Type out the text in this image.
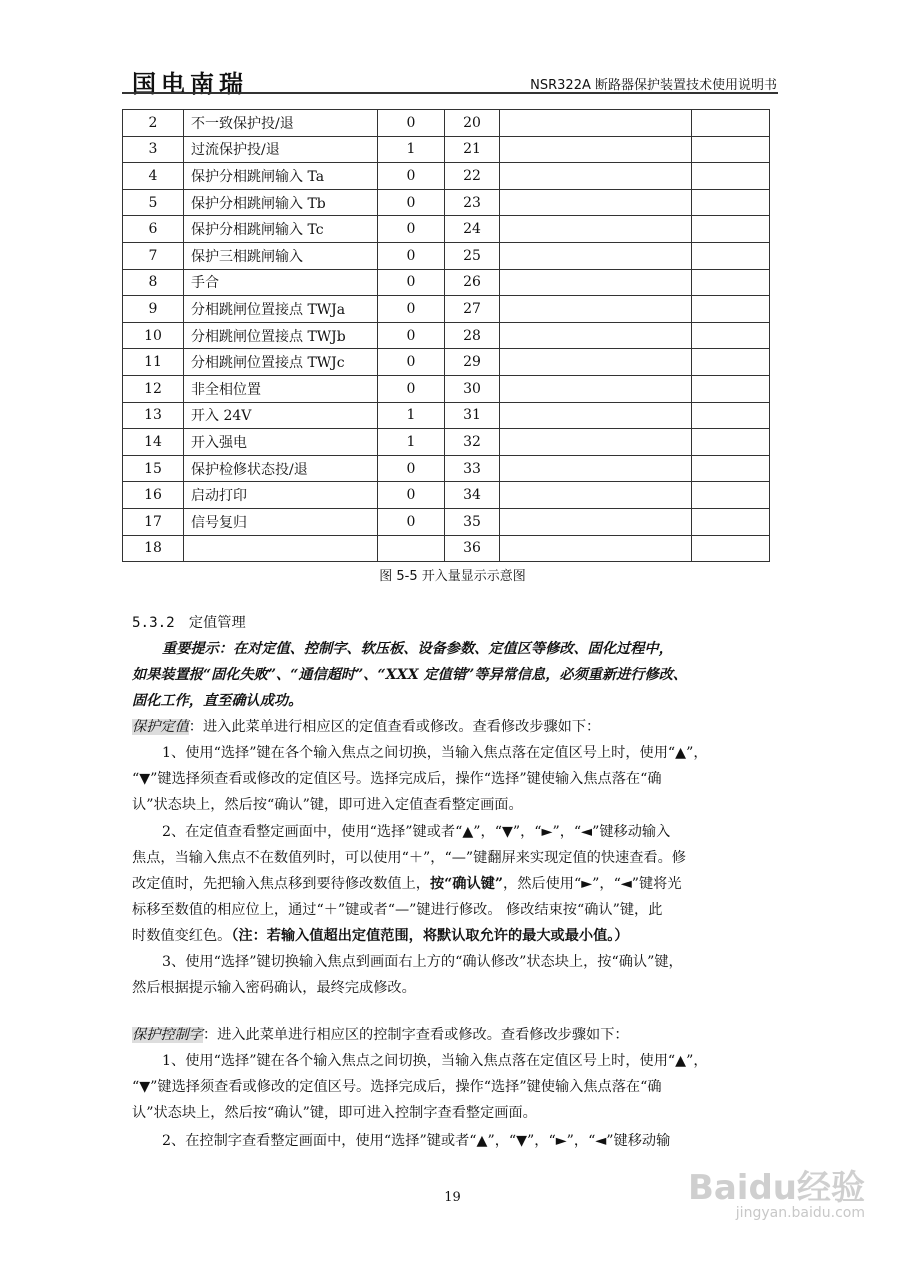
国电南瑞	NSR322A 断路器保护装置技术使用说明书
2	不一致保护投/退	0	20		
3	过流保护投/退	1	21		
4	保护分相跳闸输入 Ta	0	22		
5	保护分相跳闸输入 Tb	0	23		
6	保护分相跳闸输入 Tc	0	24		
7	保护三相跳闸输入	0	25		
8	手合	0	26		
9	分相跳闸位置接点 TWJa	0	27		
10	分相跳闸位置接点 TWJb	0	28		
11	分相跳闸位置接点 TWJc	0	29		
12	非全相位置	0	30		
13	开入 24V	1	31		
14	开入强电	1	32		
15	保护检修状态投/退	0	33		
16	启动打印	0	34		
17	信号复归	0	35		
18			36		
图 5-5 开入量显示示意图
5.3.2　定值管理
重要提示：在对定值、控制字、软压板、设备参数、定值区等修改、固化过程中，
如果装置报“固化失败”、“通信超时”、“XXX 定值错”等异常信息，必须重新进行修改、
固化工作，直至确认成功。
保护定值：进入此菜单进行相应区的定值查看或修改。查看修改步骤如下：
1、使用“选择”键在各个输入焦点之间切换，当输入焦点落在定值区号上时，使用“▲”，
“▼”键选择须查看或修改的定值区号。选择完成后，操作“选择”键使输入焦点落在“确
认”状态块上，然后按“确认”键，即可进入定值查看整定画面。
2、在定值查看整定画面中，使用“选择”键或者“▲”，“▼”，“►”，“◄”键移动输入
焦点，当输入焦点不在数值列时，可以使用“＋”，“—”键翻屏来实现定值的快速查看。修
改定值时，先把输入焦点移到要待修改数值上，按“确认键”，然后使用“►”，“◄”键将光
标移至数值的相应位上，通过“＋”键或者“—”键进行修改。 修改结束按“确认”键，此
时数值变红色。（注：若输入值超出定值范围，将默认取允许的最大或最小值。）
3、使用“选择”键切换输入焦点到画面右上方的“确认修改”状态块上，按“确认”键，
然后根据提示输入密码确认，最终完成修改。
保护控制字：进入此菜单进行相应区的控制字查看或修改。查看修改步骤如下：
1、使用“选择”键在各个输入焦点之间切换，当输入焦点落在定值区号上时，使用“▲”，
“▼”键选择须查看或修改的定值区号。选择完成后，操作“选择”键使输入焦点落在“确
认”状态块上，然后按“确认”键，即可进入控制字查看整定画面。
2、在控制字查看整定画面中，使用“选择”键或者“▲”，“▼”，“►”，“◄”键移动输
19	Baidu经验
jingyan.baidu.com
